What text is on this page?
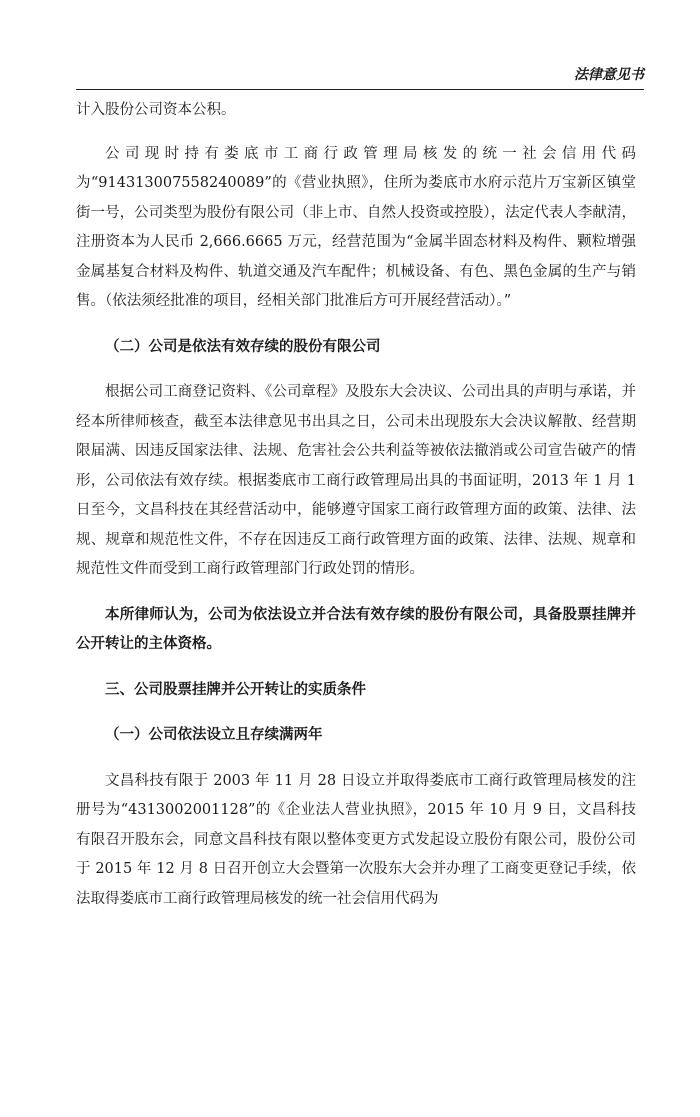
法律意见书

计入股份公司资本公积。

公司现时持有娄底市工商行政管理局核发的统一社会信用代码为“914313007558240089”的《营业执照》，住所为娄底市水府示范片万宝新区镇堂街一号，公司类型为股份有限公司（非上市、自然人投资或控股），法定代表人李献清，注册资本为人民币 2,666.6665 万元，经营范围为“金属半固态材料及构件、颗粒增强金属基复合材料及构件、轨道交通及汽车配件；机械设备、有色、黑色金属的生产与销售。（依法须经批准的项目，经相关部门批准后方可开展经营活动）。”

（二）公司是依法有效存续的股份有限公司

根据公司工商登记资料、《公司章程》及股东大会决议、公司出具的声明与承诺，并经本所律师核查，截至本法律意见书出具之日，公司未出现股东大会决议解散、经营期限届满、因违反国家法律、法规、危害社会公共利益等被依法撤消或公司宣告破产的情形，公司依法有效存续。根据娄底市工商行政管理局出具的书面证明，2013 年 1 月 1 日至今，文昌科技在其经营活动中，能够遵守国家工商行政管理方面的政策、法律、法规、规章和规范性文件，不存在因违反工商行政管理方面的政策、法律、法规、规章和规范性文件而受到工商行政管理部门行政处罚的情形。

本所律师认为，公司为依法设立并合法有效存续的股份有限公司，具备股票挂牌并公开转让的主体资格。

三、公司股票挂牌并公开转让的实质条件

（一）公司依法设立且存续满两年

文昌科技有限于 2003 年 11 月 28 日设立并取得娄底市工商行政管理局核发的注册号为“4313002001128”的《企业法人营业执照》，2015 年 10 月 9 日，文昌科技有限召开股东会，同意文昌科技有限以整体变更方式发起设立股份有限公司，股份公司于 2015 年 12 月 8 日召开创立大会暨第一次股东大会并办理了工商变更登记手续，依法取得娄底市工商行政管理局核发的统一社会信用代码为
